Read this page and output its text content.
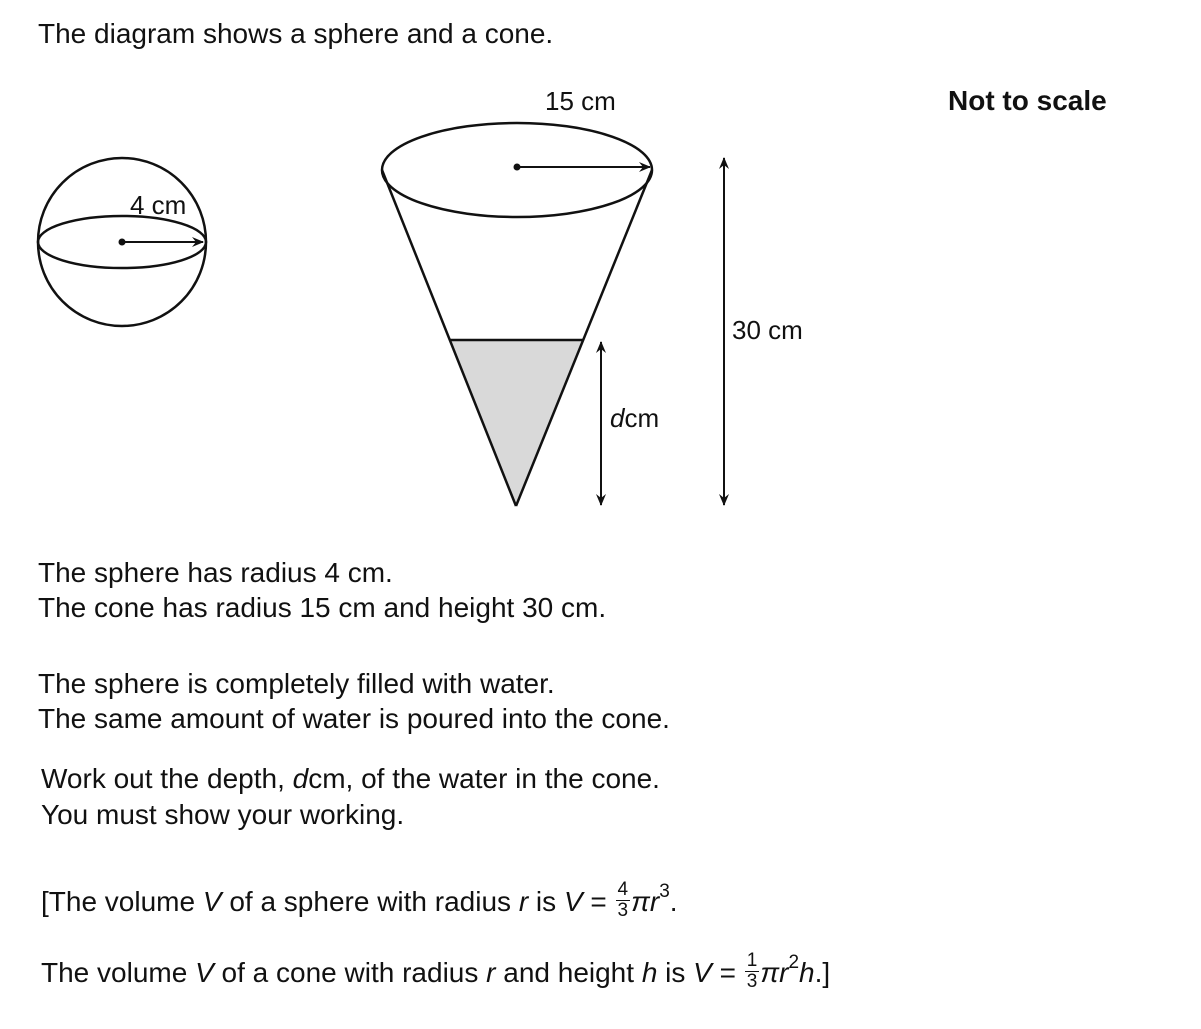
The diagram shows a sphere and a cone.
Not to scale
4 cm
15 cm
30 cm
dcm
The sphere has radius 4 cm.
The cone has radius 15 cm and height 30 cm.
The sphere is completely filled with water.
The same amount of water is poured into the cone.
Work out the depth, dcm, of the water in the cone.
You must show your working.
[The volume V of a sphere with radius r is $V = \frac{4}{3} \pi r^3$.
The volume V of a cone with radius r and height h is $V = \frac{1}{3} \pi r^2h$.]
